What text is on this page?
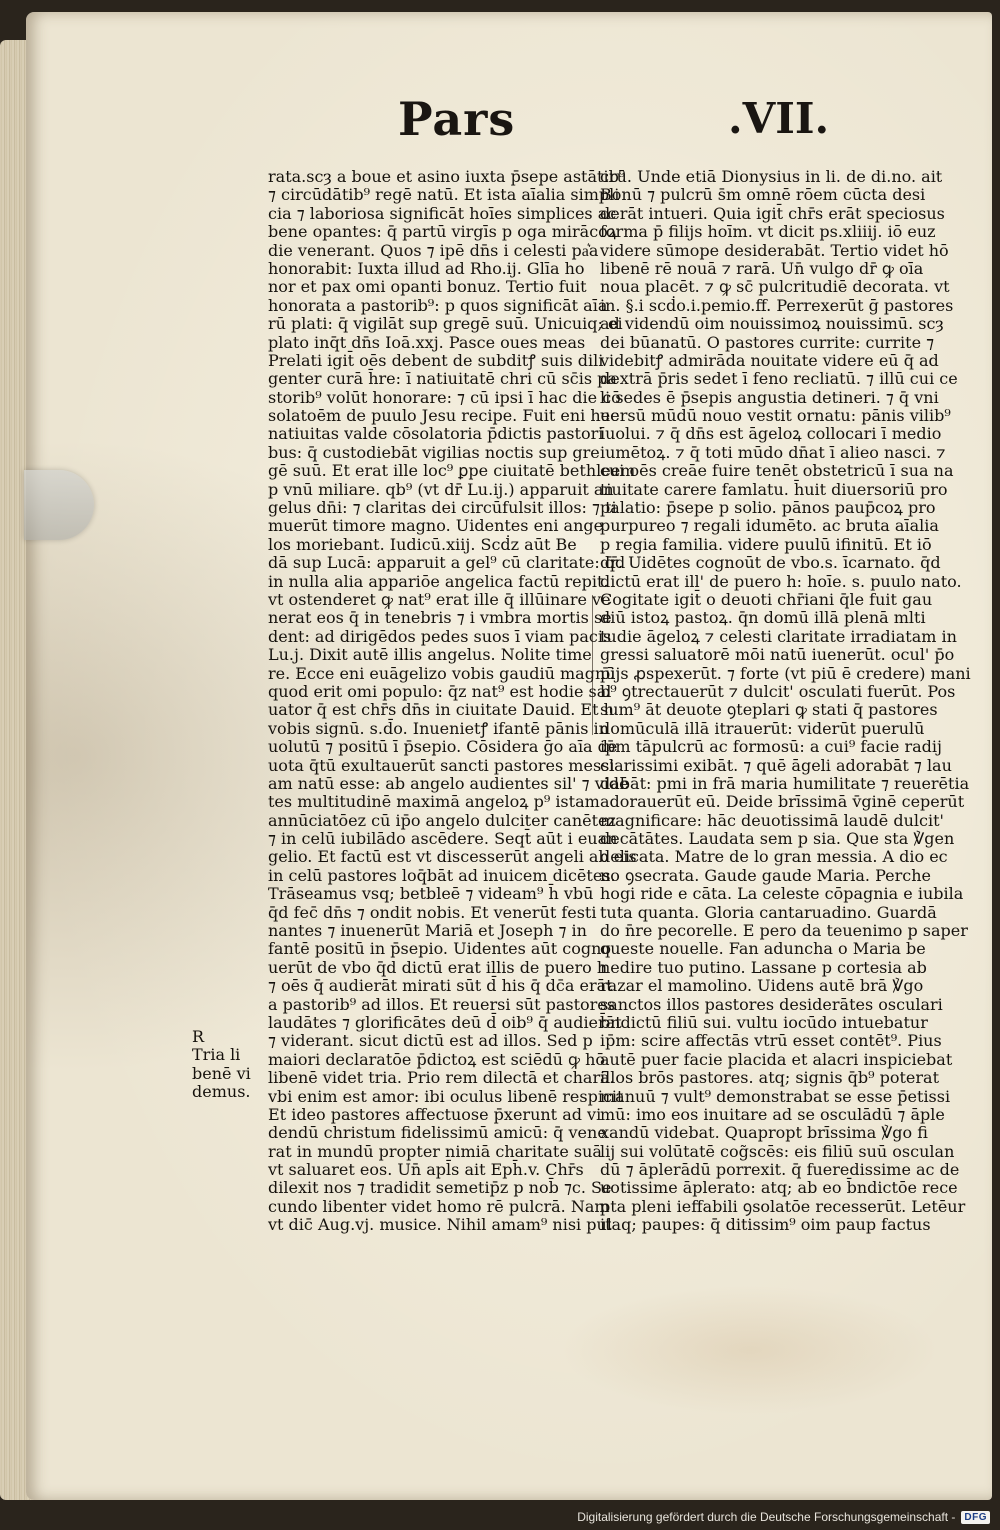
Pars	.VII.
rata.scȝ a boue et asino iuxta p̄sepe astātib⁹
⁊ circūdātib⁹ regē natū. Et ista aīalia simpli
cia ⁊ laboriosa significāt hoīes simplices ac
bene opantes: q̄ partū virgīs p oga mirācoꝝ
die venerant. Quos ⁊ ipē dn̄s i celesti pa͛a
honorabit: Iuxta illud ad Rho.ij. Glīa ho
nor et pax omi opanti bonuz. Tertio fuit
honorata a pastorib⁹: p quos significāt aīa
rū plati: q̄ vigilāt sup gregē suū. Unicuiq; ei
plato inq̄t dn̄s Ioā.xxj. Pasce oues meas
Prelati igit̄ oēs debent de subditꝭ suis dili
genter curā h̄re: ī natiuitatē chri cū sc̄is pa
storib⁹ volūt honorare: ⁊ cū ipsi ī hac die cō
solatoēm de puulo Jesu recipe. Fuit eni hec
natiuitas valde cōsolatoria p̄dictis pastori
bus: q̄ custodiebāt vigilias noctis sup gre
gē suū. Et erat ille loc⁹ ꝑpe ciuitatē bethleem
p vnū miliare. qb⁹ (vt dr̄ Lu.ij.) apparuit an
gelus dn̄i: ⁊ claritas dei circūfulsit illos: ⁊ ti
muerūt timore magno. Uidentes eni ange
los moriebant. Iudicū.xiij. Scḋz aūt Be
dā sup Lucā: apparuit a gel⁹ cū claritate: q̄d
in nulla alia appariōe angelica factū repit.
vt ostenderet ꝙ nat⁹ erat ille q̄ illūinare ve
nerat eos q̄ in tenebris ⁊ i vmbra mortis se
dent: ad dirigēdos pedes suos ī viam pacis
Lu.j. Dixit autē illis angelus. Nolite time
re. Ecce eni euāgelizo vobis gaudiū magnū
quod erit omi populo: q̄z nat⁹ est hodie sal
uator q̄ est chr̄s dn̄s in ciuitate Dauid. Et h
vobis signū. s.d̄o. Inuenietꝭ ifantē pānis in
uolutū ⁊ positū ī p̄sepio. Cōsidera ḡo aīa de
uota q̄tū exultauerūt sancti pastores messi
am natū esse: ab angelo audientes sil' ⁊ vidē
tes multitudinē maximā angeloꝝ p⁹ istam
annūciatōez cū ip̄o angelo dulciter canētez
⁊ in celū iubilādo ascēdere. Seqt̄ aūt i euan
gelio. Et factū est vt discesserūt angeli ab eis
in celū pastores loq̄bāt ad inuicem dicētes.
Trāseamus vsq; betbleē ⁊ videam⁹ h̄ vbū
q̄d fec̄ dn̄s ⁊ ondit nobis. Et venerūt festi
nantes ⁊ inuenerūt Mariā et Joseph ⁊ in
fantē positū in p̄sepio. Uidentes aūt cogno
uerūt de vbo q̄d dictū erat illis de puero h
⁊ oēs q̄ audierāt mirati sūt d̄ his q̄ dc̄a erāt
a pastorib⁹ ad illos. Et reuersi sūt pastores
laudātes ⁊ glorificātes deū d̄ oib⁹ q̄ audierāt
⁊ viderant. sicut dictū est ad illos. Sed p
maiori declaratōe p̄dictoꝝ est sciēdū ꝙ hō
libenē videt tria. Prio rem dilectā et charā.
vbi enim est amor: ibi oculus libenē respicit
Et ideo pastores affectuose p̄xerunt ad vi
dendū christum fidelissimū amicū: q̄ vene
rat in mundū propter nimiā charitate suā
vt saluaret eos. Un̄ apl̄s ait Eph̄.v. Chr̄s
dilexit nos ⁊ tradidit semetip̄z p nob̄ ⁊c. Se
cundo libenter videt homo rē pulcrā. Nam
vt dic̄ Aug.vj. musice. Nihil amam⁹ nisi pul
crū. Unde etiā Dionysius in li. de di.no. ait
Bonū ⁊ pulcrū s̄m omnē rōem cūcta desi
derāt intueri. Quia igit̄ chr̄s erāt speciosus
forma p̄ filijs hoīm. vt dicit ps.xliiij. iō euz
videre sūmope desiderabāt. Tertio videt hō
libenē rē nouā ⁊ rarā. Un̄ vulgo dr̄ ꝙ oīa
noua placēt. ⁊ ꝙ sc̄ pulcritudiē decorata. vt
in. §.i scḋo.i.pemio.ff. Perrexerūt ḡ pastores
ad videndū oim nouissimoꝝ nouissimū. scȝ
dei būanatū. O pastores currite: currite ⁊
videbitꝭ admirāda nouitate videre eū q̄ ad
dextrā p̄ris sedet ī feno recliatū. ⁊ illū cui ce
li sedes ē p̄sepis angustia detineri. ⁊ q̄ vni
uersū mūdū nouo vestit ornatu: pānis vilib⁹
īuolui. ⁊ q̄ dn̄s est āgeloꝝ collocari ī medio
iumētoꝝ. ⁊ q̄ toti mūdo dn̄at ī alieo nasci. ⁊
cui oēs creāe fuire tenēt obstetricū ī sua na
tiuitate carere famlatu. h̄uit diuersoriū pro
palatio: p̄sepe p solio. pānos paup̄coꝝ pro
purpureo ⁊ regali idumēto. ac bruta aīalia
p regia familia. videre puulū ifinitū. Et iō
dr̄. Uidētes cognoūt de vbo.s. īcarnato. q̄d
dictū erat ill' de puero h: hoīe. s. puulo nato.
Cogitate igit̄ o deuoti chr̄iani q̄le fuit gau
diū istoꝝ pastoꝝ. q̄n domū illā plenā mlti
tudie āgeloꝝ ⁊ celesti claritate irradiatam in
gressi saluatorē mōi natū iuenerūt. ocul' p̄o
p̄ijs ꝓspexerūt. ⁊ forte (vt piū ē credere) mani
b⁹ ꝯtrectauerūt ⁊ dulcit' osculati fuerūt. Pos
sum⁹ āt deuote ꝯteplari ꝙ stati q̄ pastores
domūculā illā itrauerūt: viderūt puerulū
ip̄m tāpulcrū ac formosū: a cui⁹ facie radij
clarissimi exibāt. ⁊ quē āgeli adorabāt ⁊ lau
dabāt: pmi in frā maria humilitate ⁊ reuerētia
adorauerūt eū. Deide brīssimā v̄ginē ceperūt
magnificare: hāc deuotissimā laudē dulcit'
decātātes. Laudata sem p sia. Que sta ℣gen
delicata. Matre de lo gran messia. A dio ec
no ꝯsecrata. Gaude gaude Maria. Perche
hogi ride e cāta. La celeste cōpagnia e iubila
tuta quanta. Gloria cantaruadino. Guardā
do n̄re pecorelle. E pero da teuenimo p saper
queste nouelle. Fan aduncha o Maria be
nedire tuo putino. Lassane p cortesia ab
razar el mamolino. Uidens autē brā ℣go
sanctos illos pastores desiderātes osculari
b̄ndictū filiū sui. vultu iocūdo intuebatur
ip̄m: scire affectās vtrū esset contēt⁹. Pius
autē puer facie placida et alacri inspiciebat
illos brōs pastores. atq; signis q̄b⁹ poterat
manuū ⁊ vult⁹ demonstrabat se esse p̄etissi
mū: imo eos inuitare ad se osculādū ⁊ āple
xandū videbat. Quapropt brīssima ℣go fi
lij sui volūtatē cog̃scēs: eis filiū suū osculan
dū ⁊ āplerādū porrexit. q̄ fueredissime ac de
uotissime āplerato: atq; ab eo b̄ndictōe rece
pta pleni ieffabili ꝯsolatōe recesserūt. Letēur
itaq; paupes: q̄ ditissim⁹ oim paup factus
R
Tria li
benē vi
demus.
Digitalisierung gefördert durch die Deutsche Forschungsgemeinschaft - DFG
